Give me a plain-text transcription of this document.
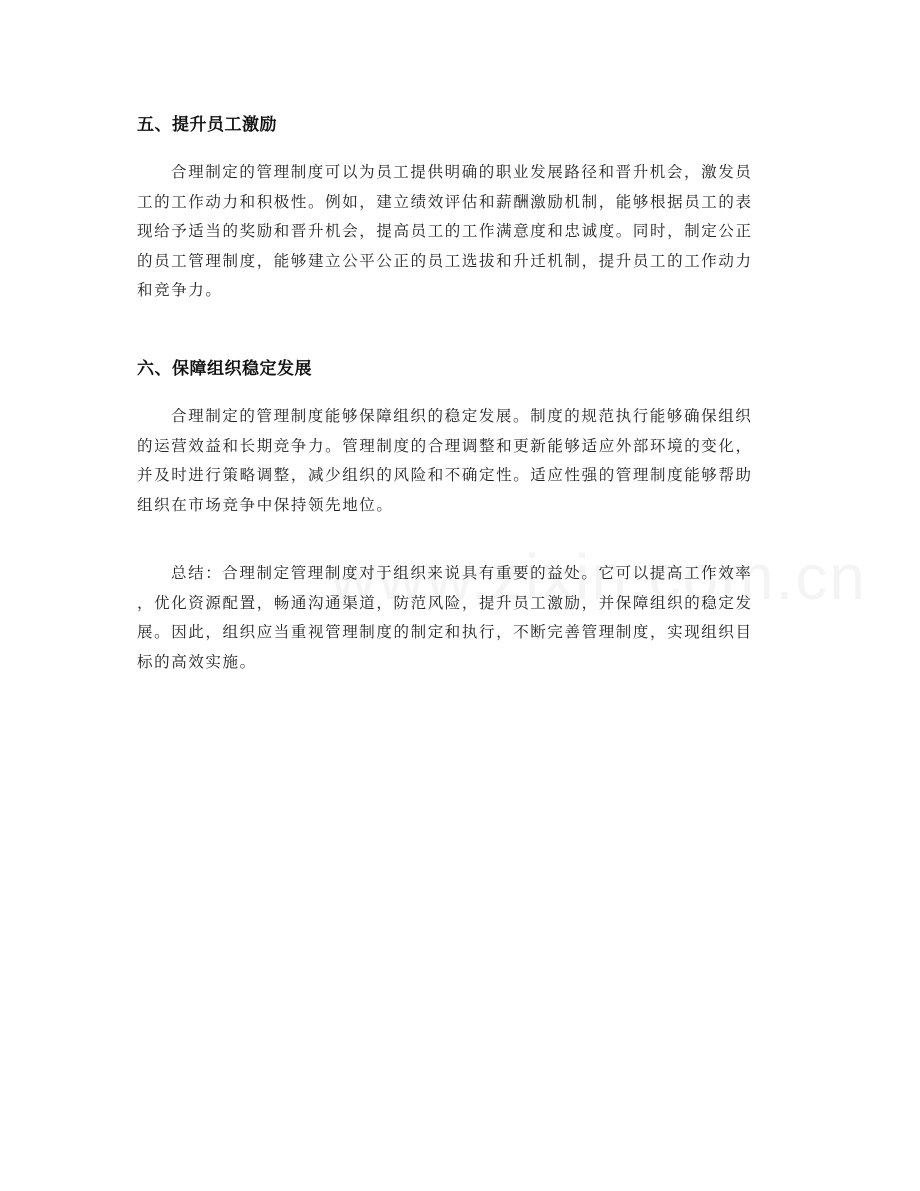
五、提升员工激励

合理制定的管理制度可以为员工提供明确的职业发展路径和晋升机会，激发员
工的工作动力和积极性。例如，建立绩效评估和薪酬激励机制，能够根据员工的表
现给予适当的奖励和晋升机会，提高员工的工作满意度和忠诚度。同时，制定公正
的员工管理制度，能够建立公平公正的员工选拔和升迁机制，提升员工的工作动力
和竞争力。

六、保障组织稳定发展

合理制定的管理制度能够保障组织的稳定发展。制度的规范执行能够确保组织
的运营效益和长期竞争力。管理制度的合理调整和更新能够适应外部环境的变化，
并及时进行策略调整，减少组织的风险和不确定性。适应性强的管理制度能够帮助
组织在市场竞争中保持领先地位。

总结：合理制定管理制度对于组织来说具有重要的益处。它可以提高工作效率
，优化资源配置，畅通沟通渠道，防范风险，提升员工激励，并保障组织的稳定发
展。因此，组织应当重视管理制度的制定和执行，不断完善管理制度，实现组织目
标的高效实施。
